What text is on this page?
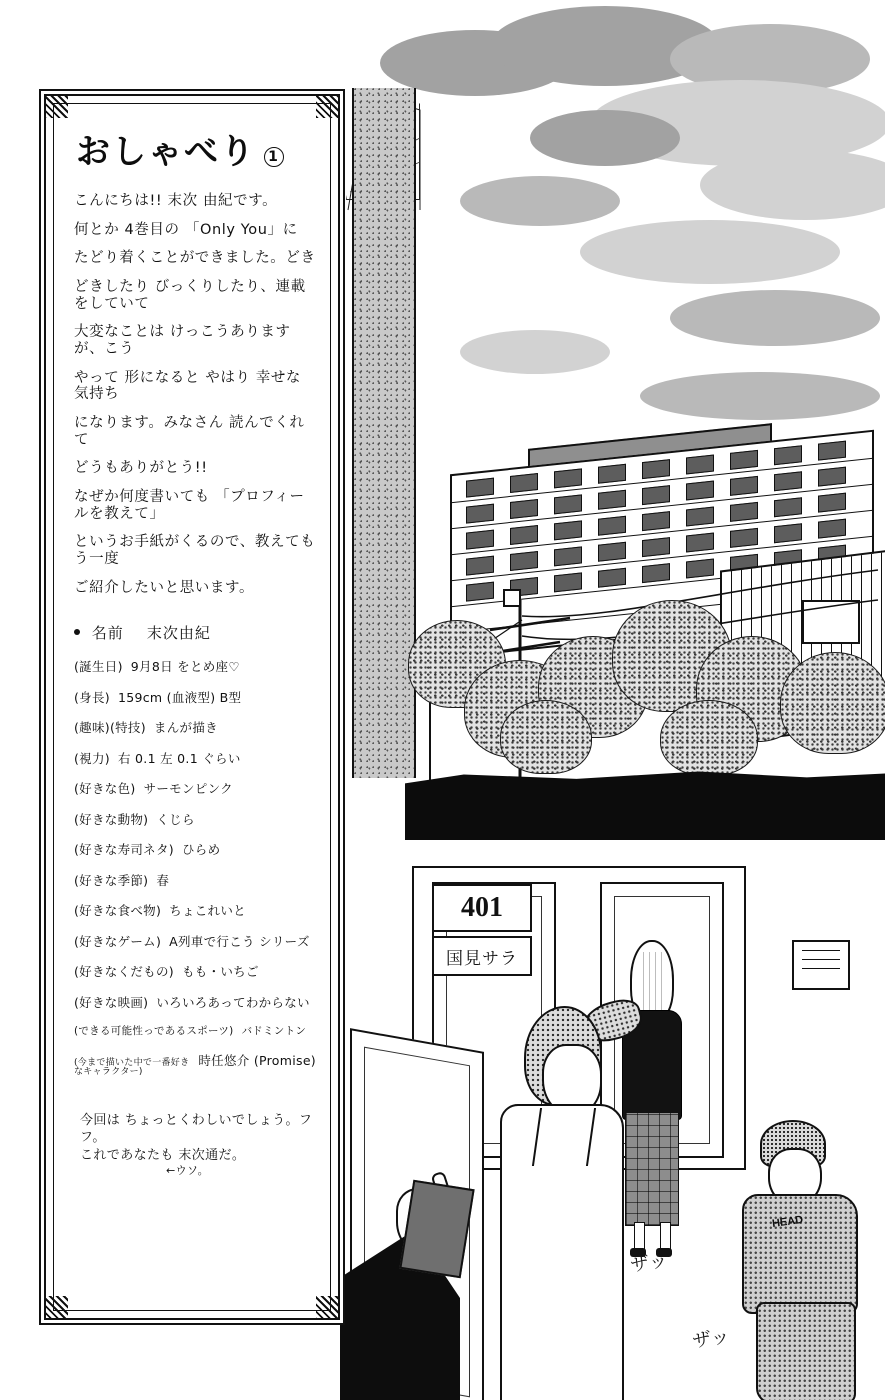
401
国見サラ
HEAD
ザッ
ザッ
おしゃべり 1

こんにちは!! 末次 由紀です。

何とか 4巻目の 「Only You」に

たどり着くことができました。どき

どきしたり びっくりしたり、連載をしていて

大変なことは けっこうありますが、こう

やって 形になると やはり 幸せな気持ち

になります。みなさん 読んでくれて

どうもありがとう!!

なぜか何度書いても 「プロフィールを教えて」

というお手紙がくるので、教えてもう一度

ご紹介したいと思います。

名前 末次由紀
(誕生日) 9月8日 をとめ座♡
(身長) 159cm (血液型) B型
(趣味)(特技) まんが描き
(視力) 右 0.1 左 0.1 ぐらい
(好きな色) サーモンピンク
(好きな動物) くじら
(好きな寿司ネタ) ひらめ
(好きな季節) 春
(好きな食べ物) ちょこれいと
(好きなゲーム) A列車で行こう シリーズ
(好きなくだもの) もも・いちご
(好きな映画) いろいろあってわからない
(できる可能性っであるスポーツ) バドミントン
(今まで描いた中で一番好きなキャラクター)
時任悠介 (Promise)
今回は ちょっとくわしいでしょう。フフ。
これであなたも 末次通だ。
←ウソ。
